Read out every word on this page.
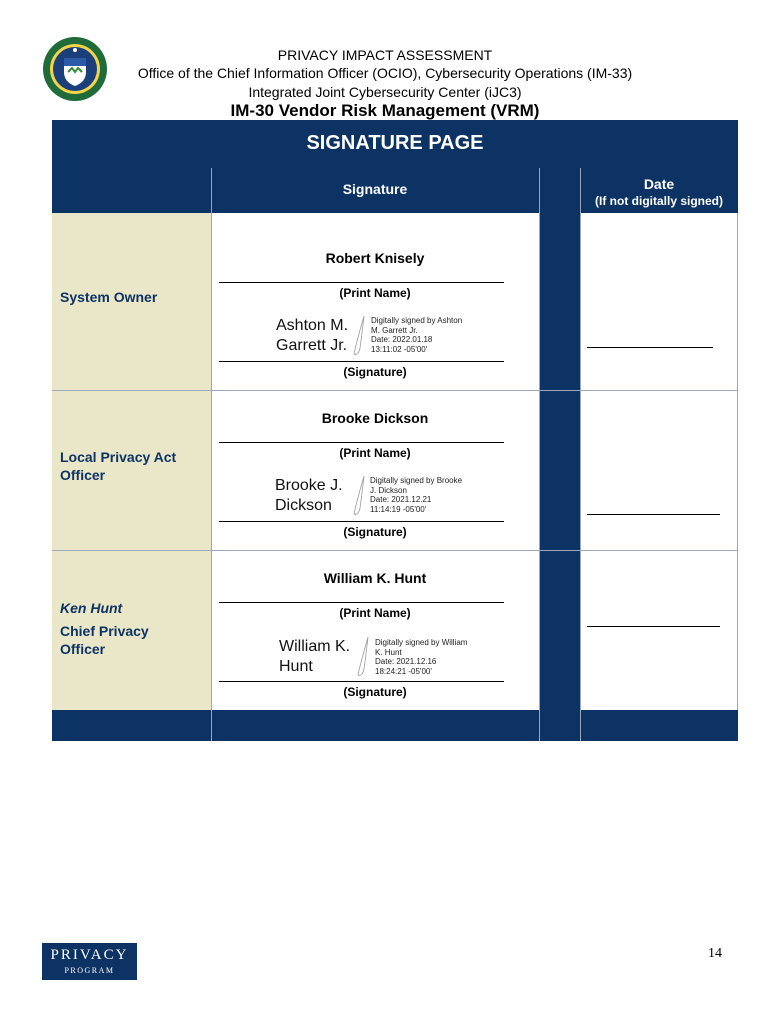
PRIVACY IMPACT ASSESSMENT
Office of the Chief Information Officer (OCIO), Cybersecurity Operations (IM-33)
Integrated Joint Cybersecurity Center (iJC3)
IM-30 Vendor Risk Management (VRM)
SIGNATURE PAGE
Signature	Date
(If not digitally signed)
System Owner
Robert Knisely
(Print Name)
Ashton M.
Garrett Jr.
Digitally signed by Ashton
M. Garrett Jr.
Date: 2022.01.18
13:11:02 -05'00'
(Signature)
Local Privacy Act
Officer
Brooke Dickson
(Print Name)
Brooke J.
Dickson
Digitally signed by Brooke
J. Dickson
Date: 2021.12.21
11:14:19 -05'00'
(Signature)
Ken Hunt
Chief Privacy
Officer
William K. Hunt
(Print Name)
William K.
Hunt
Digitally signed by William
K. Hunt
Date: 2021.12.16
18:24:21 -05'00'
(Signature)
PRIVACY
PROGRAM
14
